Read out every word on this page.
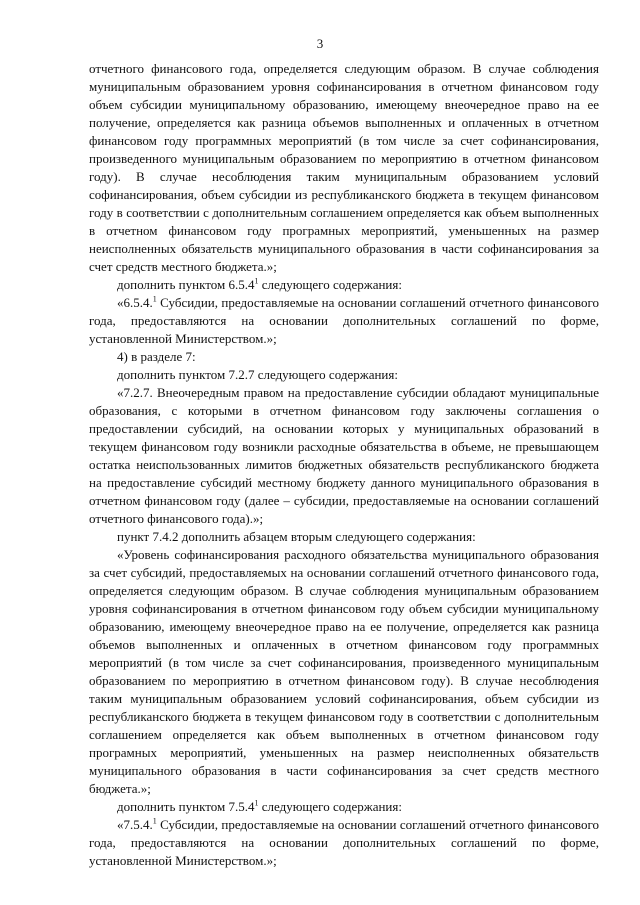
3

отчетного финансового года, определяется следующим образом. В случае соблюдения муниципальным образованием уровня софинансирования в отчетном финансовом году объем субсидии муниципальному образованию, имеющему внеочередное право на ее получение, определяется как разница объемов выполненных и оплаченных в отчетном финансовом году программных мероприятий (в том числе за счет софинансирования, произведенного муниципальным образованием по мероприятию в отчетном финансовом году). В случае несоблюдения таким муниципальным образованием условий софинансирования, объем субсидии из республиканского бюджета в текущем финансовом году в соответствии с дополнительным соглашением определяется как объем выполненных в отчетном финансовом году програмных мероприятий, уменьшенных на размер неисполненных обязательств муниципального образования в части софинансирования за счет средств местного бюджета.»;

дополнить пунктом 6.5.4$^1$ следующего содержания:

«6.5.4.$^1$ Субсидии, предоставляемые на основании соглашений отчетного финансового года, предоставляются на основании дополнительных соглашений по форме, установленной Министерством.»;

4) в разделе 7:

дополнить пунктом 7.2.7 следующего содержания:

«7.2.7. Внеочередным правом на предоставление субсидии обладают муниципальные образования, с которыми в отчетном финансовом году заключены соглашения о предоставлении субсидий, на основании которых у муниципальных образований в текущем финансовом году возникли расходные обязательства в объеме, не превышающем остатка неиспользованных лимитов бюджетных обязательств республиканского бюджета на предоставление субсидий местному бюджету данного муниципального образования в отчетном финансовом году (далее – субсидии, предоставляемые на основании соглашений отчетного финансового года).»;

пункт 7.4.2 дополнить абзацем вторым следующего содержания:

«Уровень софинансирования расходного обязательства муниципального образования за счет субсидий, предоставляемых на основании соглашений отчетного финансового года, определяется следующим образом. В случае соблюдения муниципальным образованием уровня софинансирования в отчетном финансовом году объем субсидии муниципальному образованию, имеющему внеочередное право на ее получение, определяется как разница объемов выполненных и оплаченных в отчетном финансовом году программных мероприятий (в том числе за счет софинансирования, произведенного муниципальным образованием по мероприятию в отчетном финансовом году). В случае несоблюдения таким муниципальным образованием условий софинансирования, объем субсидии из республиканского бюджета в текущем финансовом году в соответствии с дополнительным соглашением определяется как объем выполненных в отчетном финансовом году програмных мероприятий, уменьшенных на размер неисполненных обязательств муниципального образования в части софинансирования за счет средств местного бюджета.»;

дополнить пунктом 7.5.4$^1$ следующего содержания:

«7.5.4.$^1$ Субсидии, предоставляемые на основании соглашений отчетного финансового года, предоставляются на основании дополнительных соглашений по форме, установленной Министерством.»;
